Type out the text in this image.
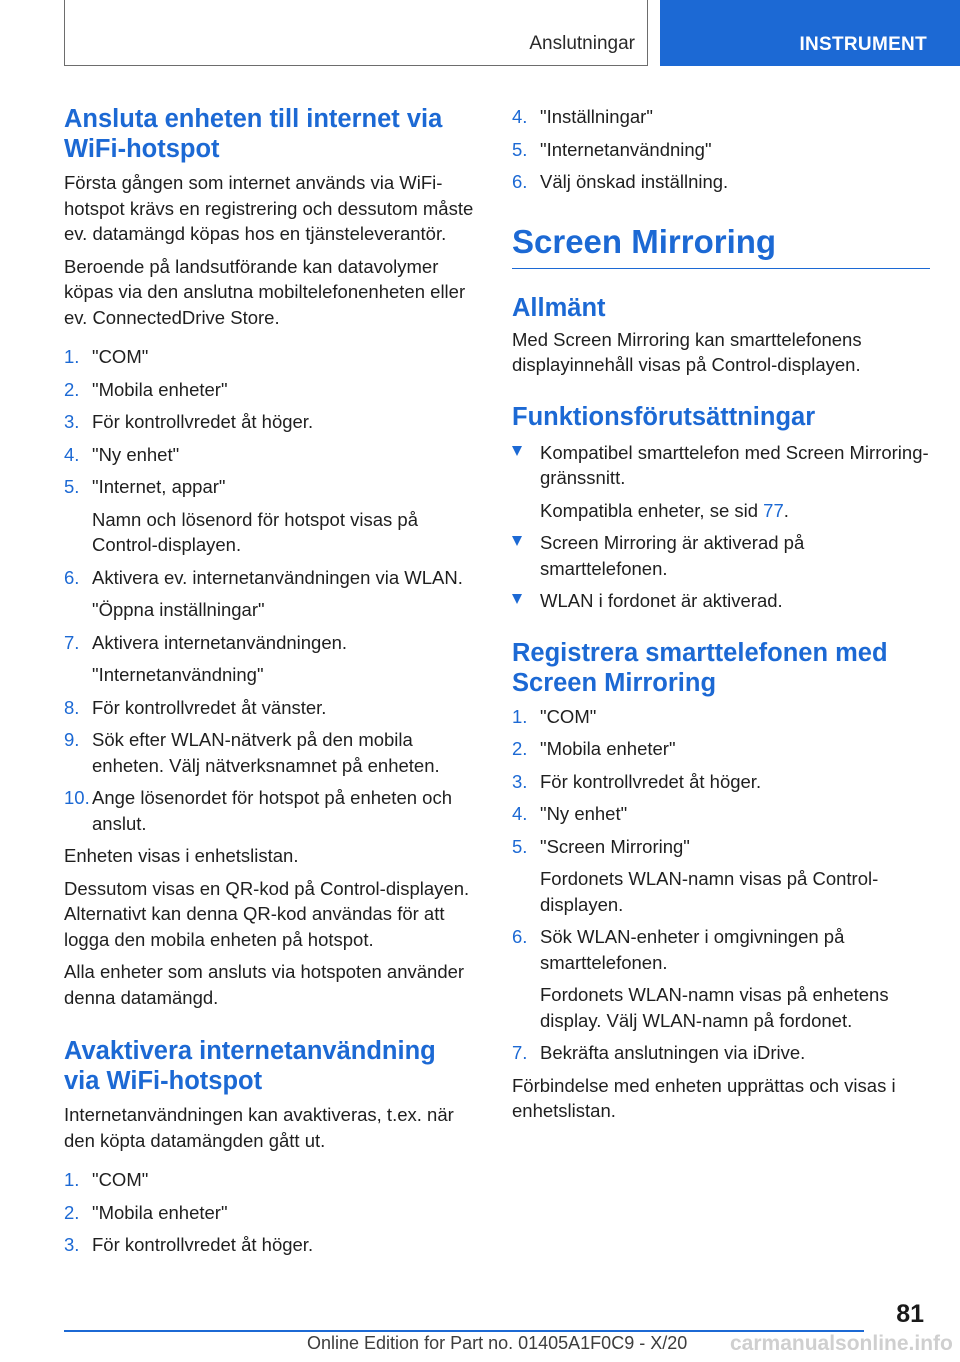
Anslutningar	INSTRUMENT
Ansluta enheten till internet via WiFi-hotspot

Första gången som internet används via WiFi-hotspot krävs en registrering och dessutom måste ev. datamängd köpas hos en tjänsteleverantör.

Beroende på landsutförande kan datavolymer köpas via den anslutna mobiltelefonenheten eller ev. ConnectedDrive Store.

1. "COM"
2. "Mobila enheter"
3. För kontrollvredet åt höger.
4. "Ny enhet"
5. "Internet, appar"
Namn och lösenord för hotspot visas på Control-displayen.
6. Aktivera ev. internetanvändningen via WLAN.
"Öppna inställningar"
7. Aktivera internetanvändningen.
"Internetanvändning"
8. För kontrollvredet åt vänster.
9. Sök efter WLAN-nätverk på den mobila enheten. Välj nätverksnamnet på enheten.
10. Ange lösenordet för hotspot på enheten och anslut.

Enheten visas i enhetslistan.

Dessutom visas en QR-kod på Control-displayen. Alternativt kan denna QR-kod användas för att logga den mobila enheten på hotspot.

Alla enheter som ansluts via hotspoten använder denna datamängd.

Avaktivera internetanvändning via WiFi-hotspot

Internetanvändningen kan avaktiveras, t.ex. när den köpta datamängden gått ut.

1. "COM"
2. "Mobila enheter"
3. För kontrollvredet åt höger.
4. "Inställningar"
5. "Internetanvändning"
6. Välj önskad inställning.
Screen Mirroring
Allmänt

Med Screen Mirroring kan smarttelefonens displayinnehåll visas på Control-displayen.

Funktionsförutsättningar
Kompatibel smarttelefon med Screen Mirroring-gränssnitt.
Kompatibla enheter, se sid 77.
Screen Mirroring är aktiverad på smarttelefonen.
WLAN i fordonet är aktiverad.
Registrera smarttelefonen med Screen Mirroring
1. "COM"
2. "Mobila enheter"
3. För kontrollvredet åt höger.
4. "Ny enhet"
5. "Screen Mirroring"
Fordonets WLAN-namn visas på Control-displayen.
6. Sök WLAN-enheter i omgivningen på smarttelefonen.
Fordonets WLAN-namn visas på enhetens display. Välj WLAN-namn på fordonet.
7. Bekräfta anslutningen via iDrive.

Förbindelse med enheten upprättas och visas i enhetslistan.

81
Online Edition for Part no. 01405A1F0C9 - X/20 carmanualsonline.info
